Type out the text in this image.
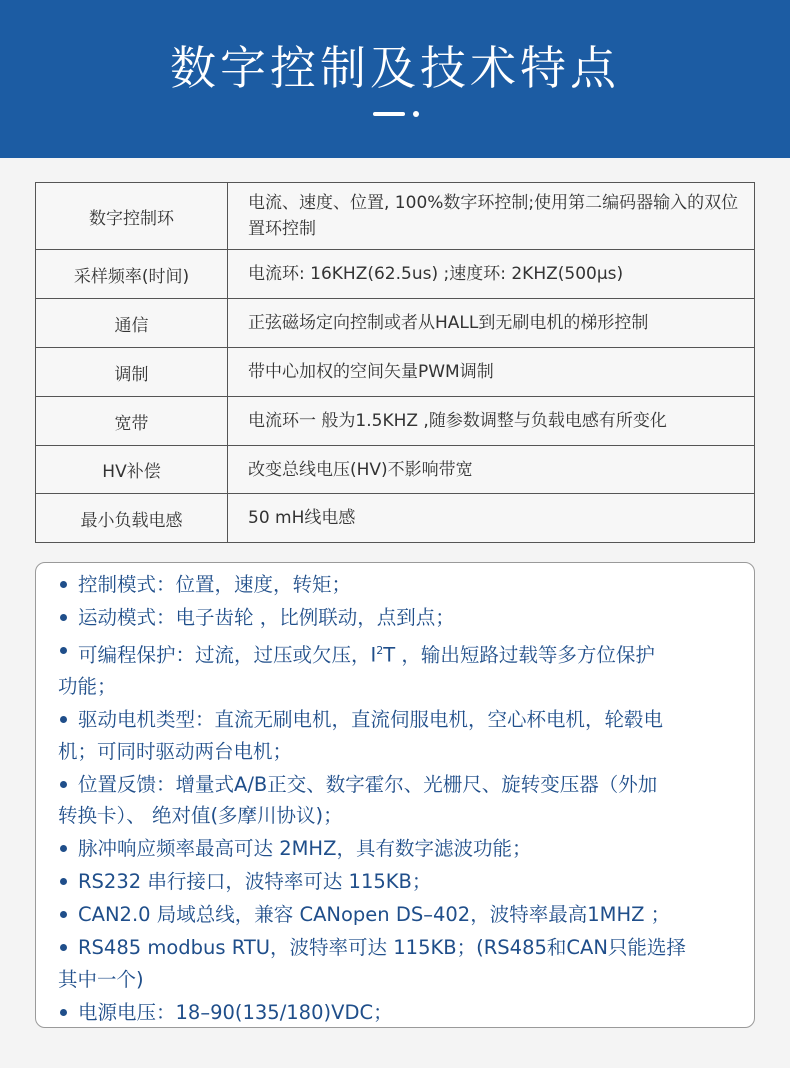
数字控制及技术特点
数字控制环	电流、速度、位置, 100%数字环控制;使用第二编码器输入的双位置环控制
采样频率(时间)	电流环: 16KHZ(62.5us) ;速度环: 2KHZ(500μs)
通信	正弦磁场定向控制或者从HALL到无刷电机的梯形控制
调制	带中心加权的空间矢量PWM调制
宽带	电流环一 般为1.5KHZ ,随参数调整与负载电感有所变化
HV补偿	改变总线电压(HV)不影响带宽
最小负载电感	50 mH线电感
控制模式：位置，速度，转矩；
运动模式：电子齿轮 ，比例联动，点到点；
可编程保护：过流，过压或欠压，$I^2T$ ，输出短路过载等多方位保护
功能；
驱动电机类型：直流无刷电机，直流伺服电机，空心杯电机，轮毂电
机；可同时驱动两台电机；
位置反馈：增量式A/B正交、数字霍尔、光栅尺、旋转变压器（外加
转换卡）、 绝对值(多摩川协议)；
脉冲响应频率最高可达 2MHZ，具有数字滤波功能；
RS232 串行接口，波特率可达 115KB；
CAN2.0 局域总线，兼容 CANopen DS–402，波特率最高1MHZ ；
RS485 modbus RTU，波特率可达 115KB；(RS485和CAN只能选择
其中一个)
电源电压：18–90(135/180)VDC；
